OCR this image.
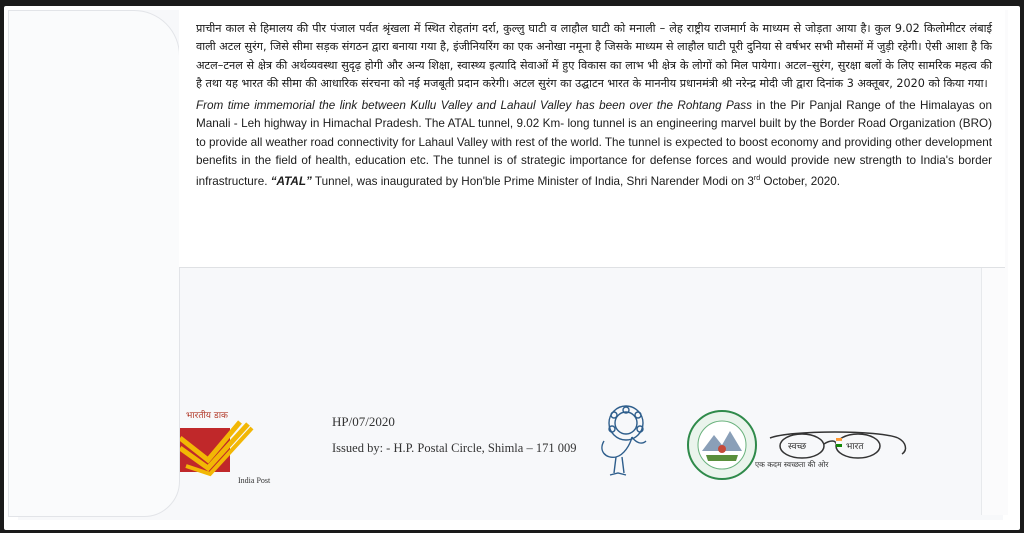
प्राचीन काल से हिमालय की पीर पंजाल पर्वत श्रृंखला में स्थित रोहतांग दर्रा, कुल्लु घाटी व लाहौल घाटी को मनाली – लेह राष्ट्रीय राजमार्ग के माध्यम से जोड़ता आया है। कुल 9.02 किलोमीटर लंबाई वाली अटल सुरंग, जिसे सीमा सड़क संगठन द्वारा बनाया गया है, इंजीनियरिंग का एक अनोखा नमूना है जिसके माध्यम से लाहौल घाटी पूरी दुनिया से वर्षभर सभी मौसमों में जुड़ी रहेगी। ऐसी आशा है कि अटल–टनल से क्षेत्र की अर्थव्यवस्था सुदृढ़ होगी और अन्य शिक्षा, स्वास्थ्य इत्यादि सेवाओं में हुए विकास का लाभ भी क्षेत्र के लोगों को मिल पायेगा। अटल–सुरंग, सुरक्षा बलों के लिए सामरिक महत्व की है तथा यह भारत की सीमा की आधारिक संरचना को नई मजबूती प्रदान करेगी। अटल सुरंग का उद्घाटन भारत के माननीय प्रधानमंत्री श्री नरेन्द्र मोदी जी द्वारा दिनांक 3 अक्तूबर, 2020 को किया गया।

From time immemorial the link between Kullu Valley and Lahaul Valley has been over the Rohtang Pass in the Pir Panjal Range of the Himalayas on Manali - Leh highway in Himachal Pradesh. The ATAL tunnel, 9.02 Km- long tunnel is an engineering marvel built by the Border Road Organization (BRO) to provide all weather road connectivity for Lahaul Valley with rest of the world. The tunnel is expected to boost economy and providing other development benefits in the field of health, education etc. The tunnel is of strategic importance for defense forces and would provide new strength to India's border infrastructure. “ATAL” Tunnel, was inaugurated by Hon'ble Prime Minister of India, Shri Narender Modi on 3rd October, 2020.

भारतीय डाक
India Post
HP/07/2020
Issued by: - H.P. Postal Circle, Shimla – 171 009	स्वच्छ	भारत
एक कदम स्वच्छता की ओर
